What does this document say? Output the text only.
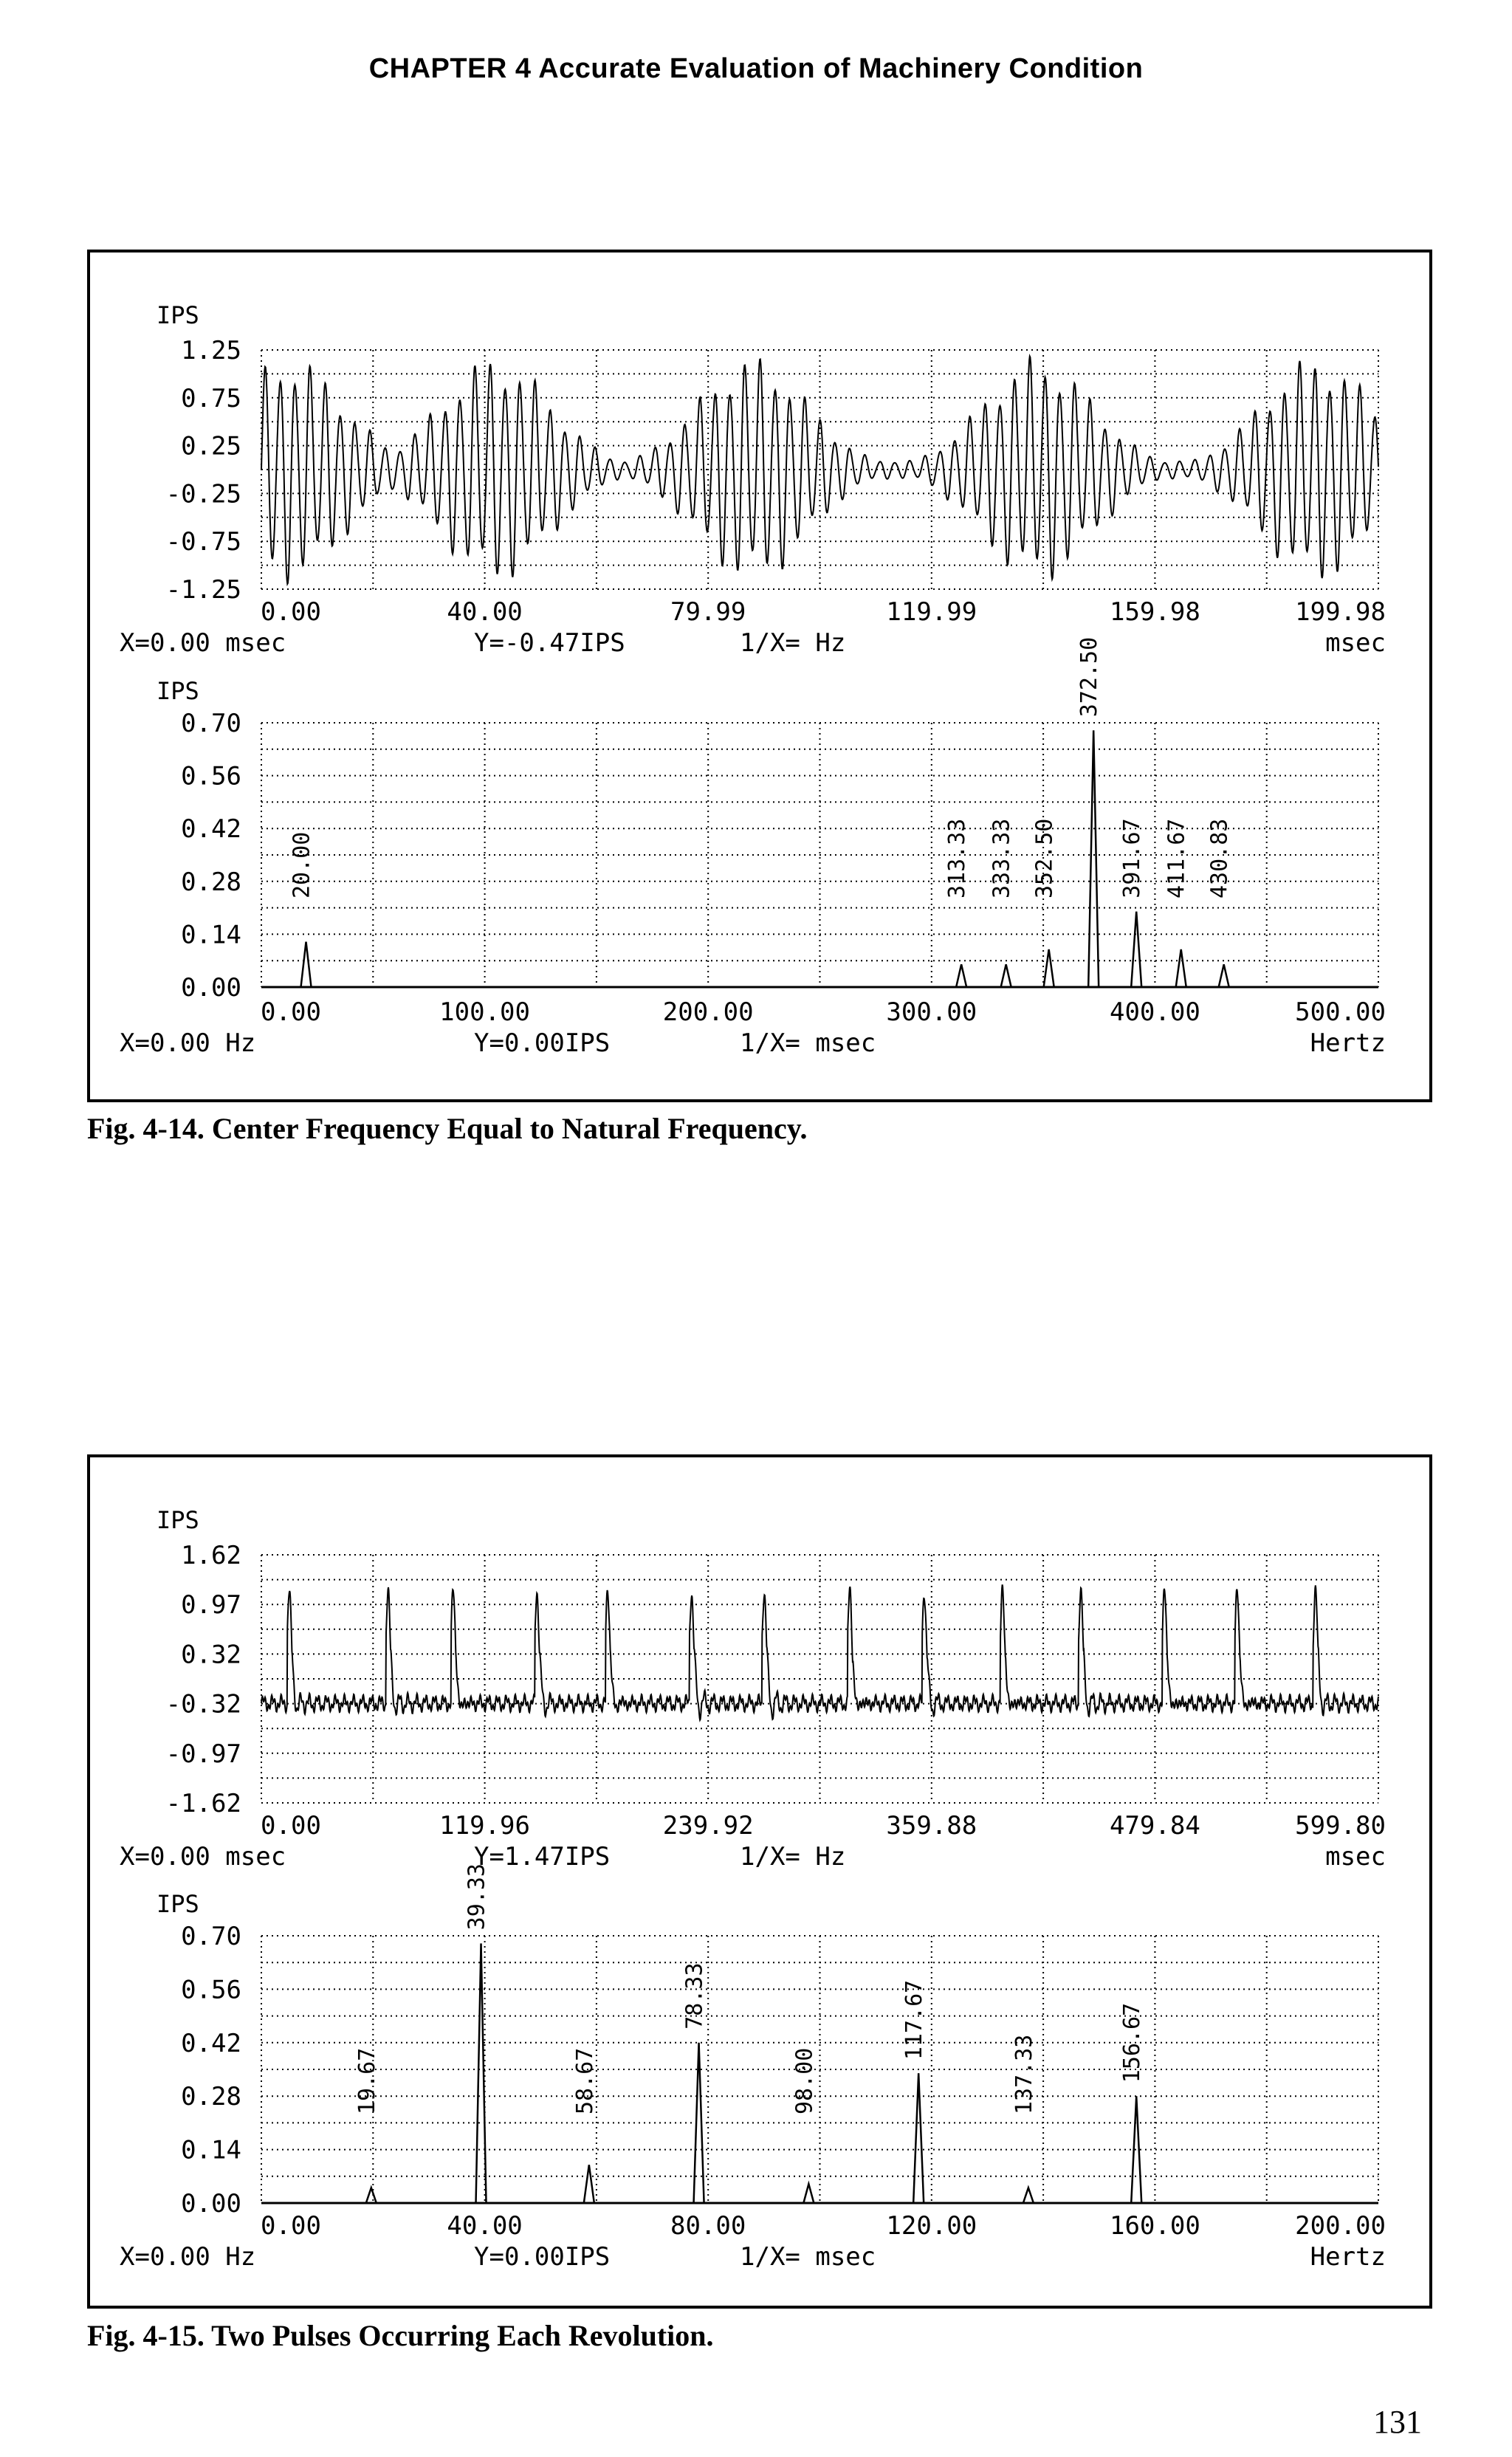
CHAPTER 4 Accurate Evaluation of Machinery Condition
IPS
1.25
0.75
0.25
-0.25
-0.75
-1.25
0.00	40.00	79.99	119.99	159.98	199.98
X=0.00 msec	Y=-0.47IPS	1/X= Hz	msec
IPS
0.70
0.56
0.42
0.28
0.14
0.00
0.00	100.00	200.00	300.00	400.00	500.00
X=0.00 Hz	Y=0.00IPS	1/X= msec	Hertz
20.00	313.33 333.33 352.50
372.50
391.67 411.67 430.83
Fig. 4-14. Center Frequency Equal to Natural Frequency.
IPS
1.62
0.97
0.32
-0.32
-0.97
-1.62
0.00	119.96	239.92	359.88	479.84	599.80
X=0.00 msec	Y=1.47IPS	1/X= Hz	msec
IPS
0.70
0.56
0.42
0.28
0.14
0.00
0.00	40.00	80.00	120.00	160.00	200.00
X=0.00 Hz	Y=0.00IPS	1/X= msec	Hertz
19.67
39.33
58.67
78.33
98.00
117.67
137.33	156.67
Fig. 4-15. Two Pulses Occurring Each Revolution.
131
